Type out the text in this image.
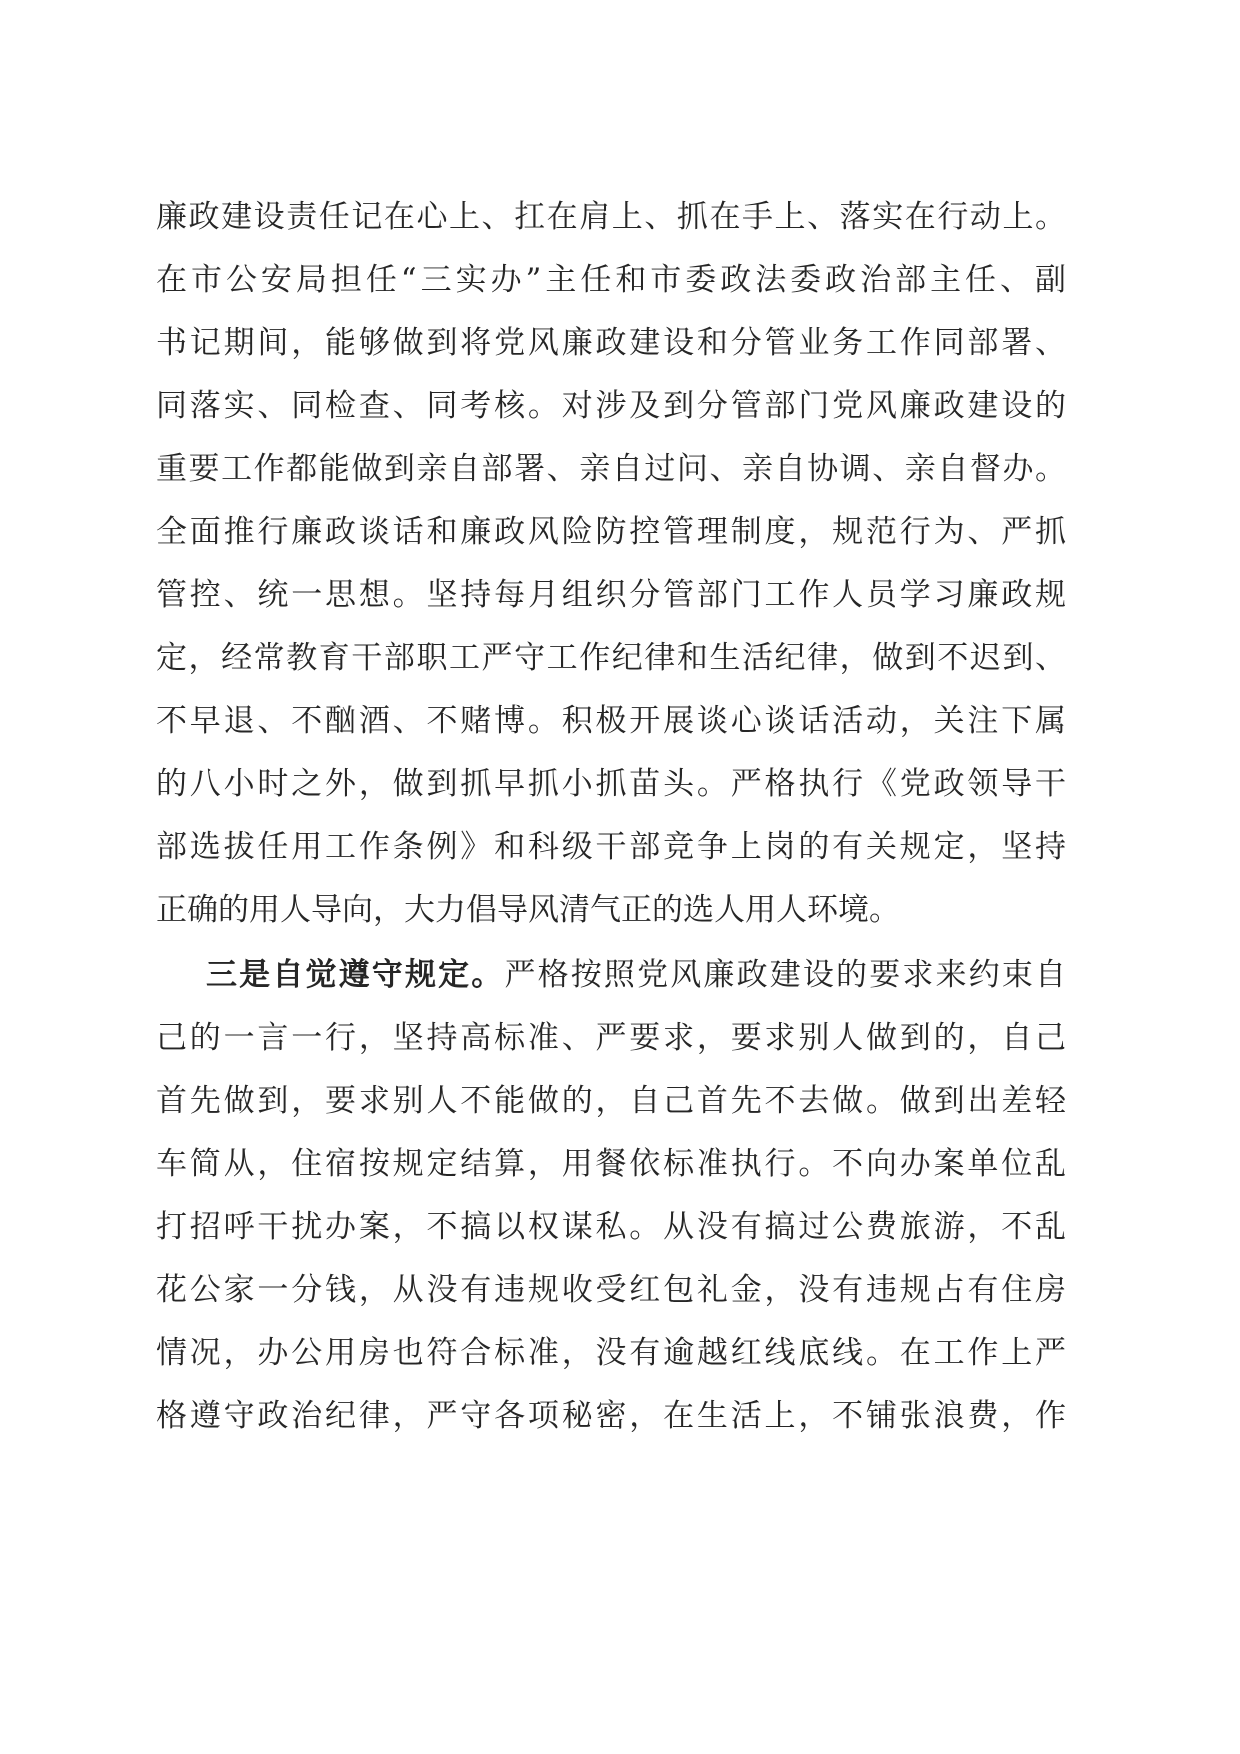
廉政建设责任记在心上、扛在肩上、抓在手上、落实在行动上。
在市公安局担任“三实办”主任和市委政法委政治部主任、副
书记期间，能够做到将党风廉政建设和分管业务工作同部署、
同落实、同检查、同考核。对涉及到分管部门党风廉政建设的
重要工作都能做到亲自部署、亲自过问、亲自协调、亲自督办。
全面推行廉政谈话和廉政风险防控管理制度，规范行为、严抓
管控、统一思想。坚持每月组织分管部门工作人员学习廉政规
定，经常教育干部职工严守工作纪律和生活纪律，做到不迟到、
不早退、不酗酒、不赌博。积极开展谈心谈话活动，关注下属
的八小时之外，做到抓早抓小抓苗头。严格执行《党政领导干
部选拔任用工作条例》和科级干部竞争上岗的有关规定，坚持
正确的用人导向，大力倡导风清气正的选人用人环境。
三是自觉遵守规定。严格按照党风廉政建设的要求来约束自
己的一言一行，坚持高标准、严要求，要求别人做到的，自己
首先做到，要求别人不能做的，自己首先不去做。做到出差轻
车简从，住宿按规定结算，用餐依标准执行。不向办案单位乱
打招呼干扰办案，不搞以权谋私。从没有搞过公费旅游，不乱
花公家一分钱，从没有违规收受红包礼金，没有违规占有住房
情况，办公用房也符合标准，没有逾越红线底线。在工作上严
格遵守政治纪律，严守各项秘密，在生活上，不铺张浪费，作
